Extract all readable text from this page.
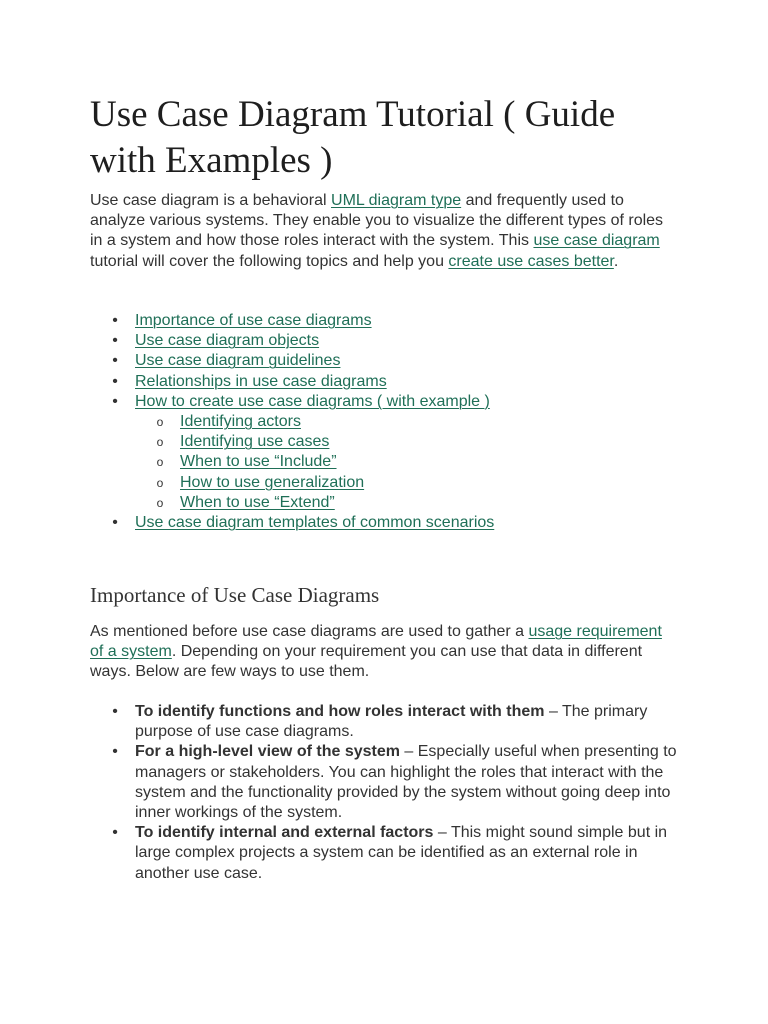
Use Case Diagram Tutorial ( Guide with Examples )

Use case diagram is a behavioral UML diagram type and frequently used to analyze various systems. They enable you to visualize the different types of roles in a system and how those roles interact with the system. This use case diagram tutorial will cover the following topics and help you create use cases better.

• Importance of use case diagrams
• Use case diagram objects
• Use case diagram guidelines
• Relationships in use case diagrams
• How to create use case diagrams ( with example )
o Identifying actors
o Identifying use cases
o When to use “Include”
o How to use generalization
o When to use “Extend”
• Use case diagram templates of common scenarios
Importance of Use Case Diagrams

As mentioned before use case diagrams are used to gather a usage requirement of a system. Depending on your requirement you can use that data in different ways. Below are few ways to use them.

• To identify functions and how roles interact with them – The primary purpose of use case diagrams.
• For a high-level view of the system – Especially useful when presenting to managers or stakeholders. You can highlight the roles that interact with the system and the functionality provided by the system without going deep into inner workings of the system.
• To identify internal and external factors – This might sound simple but in large complex projects a system can be identified as an external role in another use case.
